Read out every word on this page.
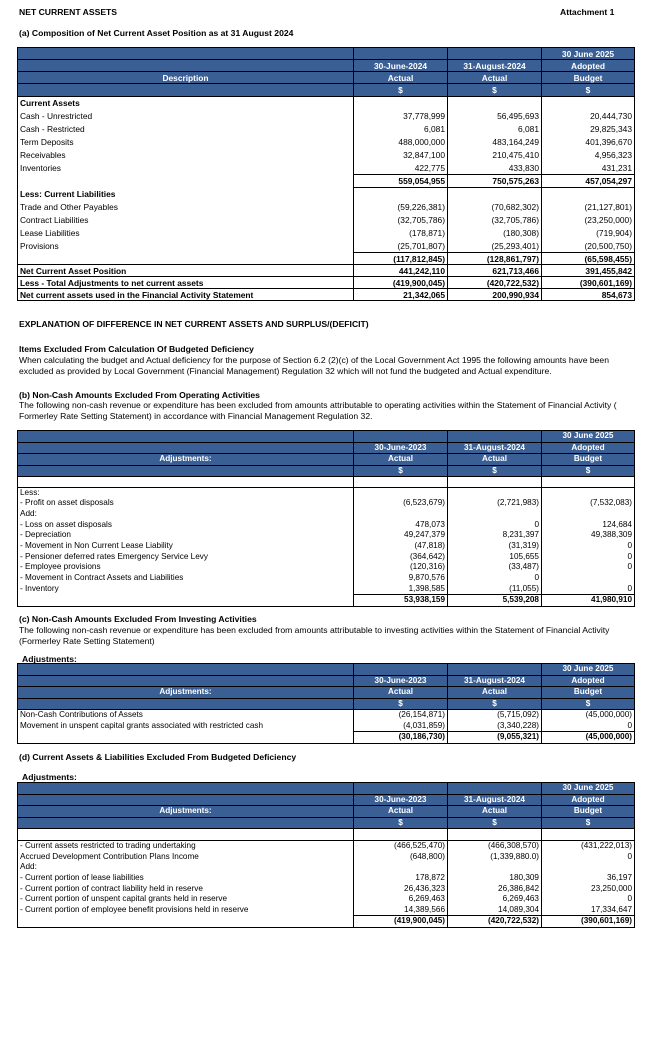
NET CURRENT ASSETS	Attachment 1
(a) Composition of Net Current Asset Position as at 31 August 2024
			30 June 2025
	30-June-2024	31-August-2024	Adopted
Description	Actual	Actual	Budget
	$	$	$
Current Assets			
Cash - Unrestricted	37,778,999	56,495,693	20,444,730
Cash - Restricted	6,081	6,081	29,825,343
Term Deposits	488,000,000	483,164,249	401,396,670
Receivables	32,847,100	210,475,410	4,956,323
Inventories	422,775	433,830	431,231
	559,054,955	750,575,263	457,054,297
Less: Current Liabilities			
Trade and Other Payables	(59,226,381)	(70,682,302)	(21,127,801)
Contract Liabilities	(32,705,786)	(32,705,786)	(23,250,000)
Lease Liabilities	(178,871)	(180,308)	(719,904)
Provisions	(25,701,807)	(25,293,401)	(20,500,750)
	(117,812,845)	(128,861,797)	(65,598,455)
Net Current Asset Position	441,242,110	621,713,466	391,455,842
Less - Total Adjustments to net current assets	(419,900,045)	(420,722,532)	(390,601,169)
Net current assets used in the Financial Activity Statement	21,342,065	200,990,934	854,673
EXPLANATION OF DIFFERENCE IN NET CURRENT ASSETS AND SURPLUS/(DEFICIT)
Items Excluded From Calculation Of Budgeted Deficiency
When calculating the budget and Actual deficiency for the purpose of Section 6.2 (2)(c) of the Local Government Act 1995 the following amounts have been excluded as provided by Local Government (Financial Management) Regulation 32 which will not fund the budgeted and Actual expenditure.
(b) Non-Cash Amounts Excluded From Operating Activities
The following non-cash revenue or expenditure has been excluded from amounts attributable to operating activities within the Statement of Financial Activity ( Formerley Rate Setting Statement) in accordance with Financial Management Regulation 32.
			30 June 2025
	30-June-2023	31-August-2024	Adopted
Adjustments:	Actual	Actual	Budget
	$	$	$

Less:			
- Profit on asset disposals	(6,523,679)	(2,721,983)	(7,532,083)
Add:			
- Loss on asset disposals	478,073	0	124,684
- Depreciation	49,247,379	8,231,397	49,388,309
- Movement in Non Current Lease Liability	(47,818)	(31,319)	0
- Pensioner deferred rates Emergency Service Levy	(364,642)	105,655	0
- Employee provisions	(120,316)	(33,487)	0
- Movement in Contract Assets and Liabilities	9,870,576	0	
- Inventory	1,398,585	(11,055)	0
	53,938,159	5,539,208	41,980,910
(c) Non-Cash Amounts Excluded From Investing Activities
The following non-cash revenue or expenditure has been excluded from amounts attributable to investing activities within the Statement of Financial Activity (Formerley Rate Setting Statement)
Adjustments:
			30 June 2025
	30-June-2023	31-August-2024	Adopted
Adjustments:	Actual	Actual	Budget
	$	$	$
Non-Cash Contributions of Assets	(26,154,871)	(5,715,092)	(45,000,000)
Movement in unspent capital grants associated with restricted cash	(4,031,859)	(3,340,228)	0
	(30,186,730)	(9,055,321)	(45,000,000)
(d) Current Assets & Liabilities Excluded From Budgeted Deficiency
Adjustments:
			30 June 2025
	30-June-2023	31-August-2024	Adopted
Adjustments:	Actual	Actual	Budget
	$	$	$

- Current assets restricted to trading undertaking	(466,525,470)	(466,308,570)	(431,222,013)
Accrued Development Contribution Plans Income	(648,800)	(1,339,880.0)	0
Add:			
- Current portion of lease liabilities	178,872	180,309	36,197
- Current portion of contract liability held in reserve	26,436,323	26,386,842	23,250,000
- Current portion of unspent capital grants held in reserve	6,269,463	6,269,463	0
- Current portion of employee benefit provisions held in reserve	14,389,566	14,089,304	17,334,647
	(419,900,045)	(420,722,532)	(390,601,169)
